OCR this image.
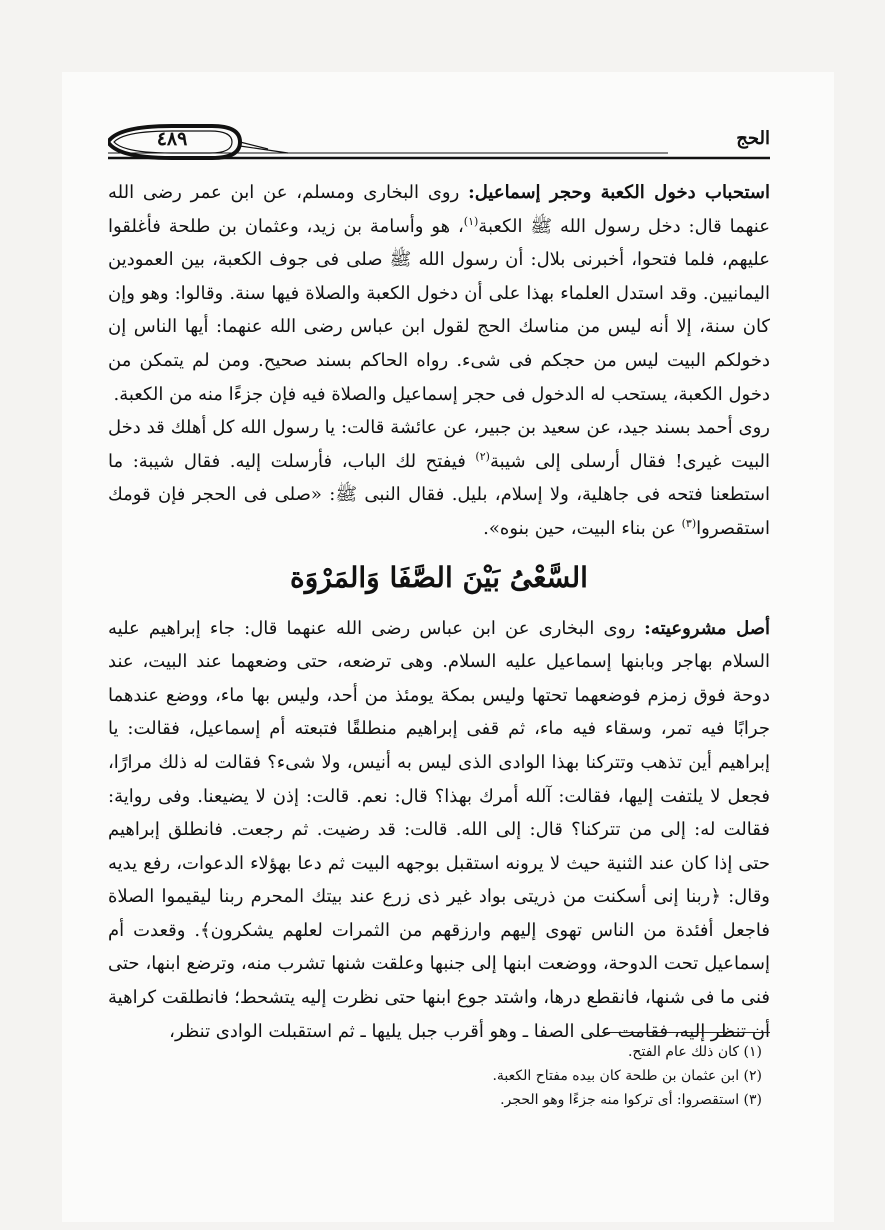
٤٨٩	الحج

استحباب دخول الكعبة وحجر إسماعيل: روى البخارى ومسلم، عن ابن عمر رضى الله عنهما قال: دخل رسول الله ﷺ الكعبة$^{(١)}$، هو وأسامة بن زيد، وعثمان بن طلحة فأغلقوا عليهم، فلما فتحوا، أخبرنى بلال: أن رسول الله ﷺ صلى فى جوف الكعبة، بين العمودين اليمانيين. وقد استدل العلماء بهذا على أن دخول الكعبة والصلاة فيها سنة. وقالوا: وهو وإن كان سنة، إلا أنه ليس من مناسك الحج لقول ابن عباس رضى الله عنهما: أيها الناس إن دخولكم البيت ليس من حجكم فى شىء. رواه الحاكم بسند صحيح. ومن لم يتمكن من دخول الكعبة، يستحب له الدخول فى حجر إسماعيل والصلاة فيه فإن جزءًا منه من الكعبة.

روى أحمد بسند جيد، عن سعيد بن جبير، عن عائشة قالت: يا رسول الله كل أهلك قد دخل البيت غيرى! فقال أرسلى إلى شيبة$^{(٢)}$ فيفتح لك الباب، فأرسلت إليه. فقال شيبة: ما استطعنا فتحه فى جاهلية، ولا إسلام، بليل. فقال النبى ﷺ: «صلى فى الحجر فإن قومك استقصروا$^{(٣)}$ عن بناء البيت، حين بنوه».

السَّعْىُ بَيْنَ الصَّفَا وَالمَرْوَة

أصل مشروعيته: روى البخارى عن ابن عباس رضى الله عنهما قال: جاء إبراهيم عليه السلام بهاجر وبابنها إسماعيل عليه السلام. وهى ترضعه، حتى وضعهما عند البيت، عند دوحة فوق زمزم فوضعهما تحتها وليس بمكة يومئذ من أحد، وليس بها ماء، ووضع عندهما جرابًا فيه تمر، وسقاء فيه ماء، ثم قفى إبراهيم منطلقًا فتبعته أم إسماعيل، فقالت: يا إبراهيم أين تذهب وتتركنا بهذا الوادى الذى ليس به أنيس، ولا شىء؟ فقالت له ذلك مرارًا، فجعل لا يلتفت إليها، فقالت: آلله أمرك بهذا؟ قال: نعم. قالت: إذن لا يضيعنا. وفى رواية: فقالت له: إلى من تتركنا؟ قال: إلى الله. قالت: قد رضيت. ثم رجعت. فانطلق إبراهيم حتى إذا كان عند الثنية حيث لا يرونه استقبل بوجهه البيت ثم دعا بهؤلاء الدعوات، رفع يديه وقال: ﴿ربنا إنى أسكنت من ذريتى بواد غير ذى زرع عند بيتك المحرم ربنا ليقيموا الصلاة فاجعل أفئدة من الناس تهوى إليهم وارزقهم من الثمرات لعلهم يشكرون﴾. وقعدت أم إسماعيل تحت الدوحة، ووضعت ابنها إلى جنبها وعلقت شنها تشرب منه، وترضع ابنها، حتى فنى ما فى شنها، فانقطع درها، واشتد جوع ابنها حتى نظرت إليه يتشحط؛ فانطلقت كراهية أن تنظر إليه، فقامت على الصفا ـ وهو أقرب جبل يليها ـ ثم استقبلت الوادى تنظر،

(١) كان ذلك عام الفتح.
(٢) ابن عثمان بن طلحة كان بيده مفتاح الكعبة.
(٣) استقصروا: أى تركوا منه جزءًا وهو الحجر.
